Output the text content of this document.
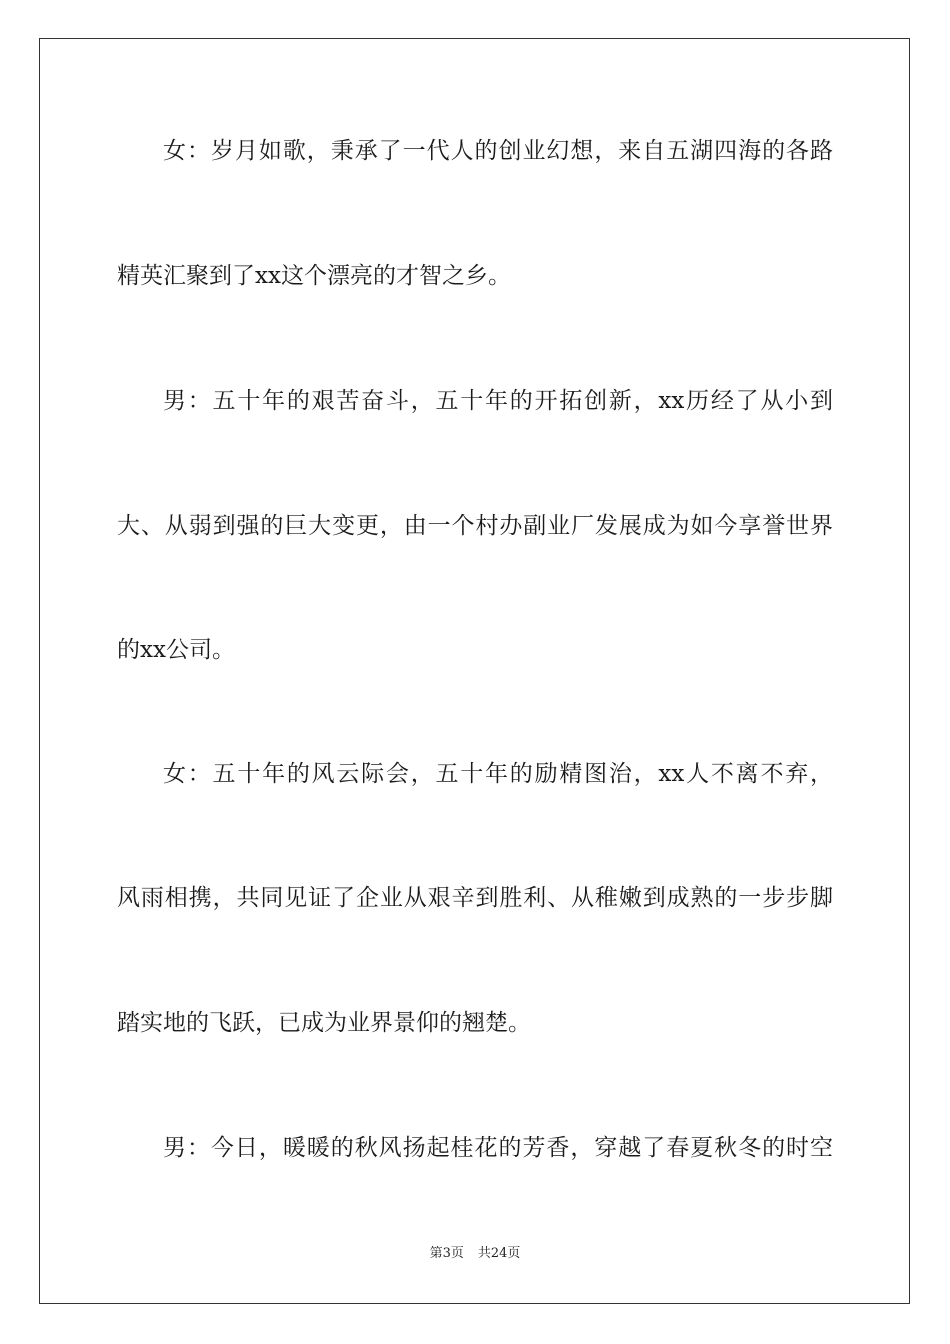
女：岁月如歌，秉承了一代人的创业幻想，来自五湖四海的各路
精英汇聚到了xx这个漂亮的才智之乡。
男：五十年的艰苦奋斗，五十年的开拓创新，xx历经了从小到
大、从弱到强的巨大变更，由一个村办副业厂发展成为如今享誉世界
的xx公司。
女：五十年的风云际会，五十年的励精图治，xx人不离不弃，
风雨相携，共同见证了企业从艰辛到胜利、从稚嫩到成熟的一步步脚
踏实地的飞跃，已成为业界景仰的翘楚。
男：今日，暖暖的秋风扬起桂花的芳香，穿越了春夏秋冬的时空
第3页 共24页
